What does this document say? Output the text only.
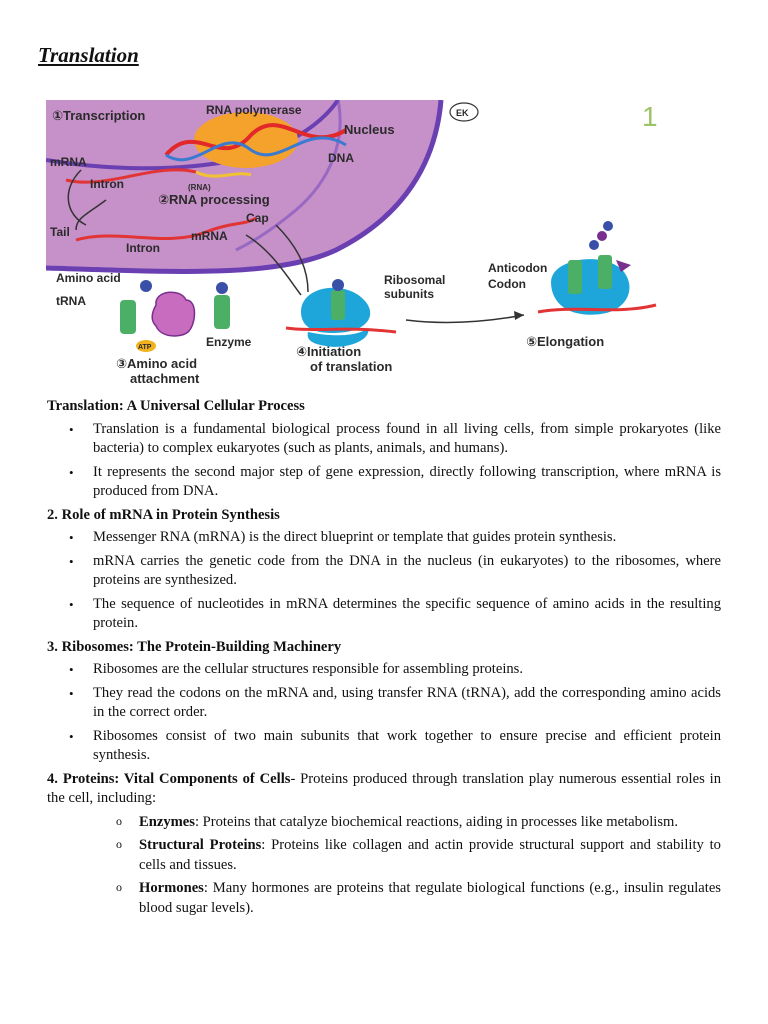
Translation
EK
①Transcription	RNA polymerase
Nucleus
DNA
mRNA
Intron	(RNA)
②RNA processing
Cap
Tail	mRNA
Intron
Amino acid
tRNA
Enzyme
ATP
③Amino acid
attachment
Ribosomal
subunits
④Initiation
of translation
Anticodon
Codon
⑤Elongation
1

Translation: A Universal Cellular Process

• Translation is a fundamental biological process found in all living cells, from simple prokaryotes (like bacteria) to complex eukaryotes (such as plants, animals, and humans).
• It represents the second major step of gene expression, directly following transcription, where mRNA is produced from DNA.

2. Role of mRNA in Protein Synthesis

• Messenger RNA (mRNA) is the direct blueprint or template that guides protein synthesis.
• mRNA carries the genetic code from the DNA in the nucleus (in eukaryotes) to the ribosomes, where proteins are synthesized.
• The sequence of nucleotides in mRNA determines the specific sequence of amino acids in the resulting protein.

3. Ribosomes: The Protein-Building Machinery

• Ribosomes are the cellular structures responsible for assembling proteins.
• They read the codons on the mRNA and, using transfer RNA (tRNA), add the corresponding amino acids in the correct order.
• Ribosomes consist of two main subunits that work together to ensure precise and efficient protein synthesis.

4. Proteins: Vital Components of Cells- Proteins produced through translation play numerous essential roles in the cell, including:

o Enzymes: Proteins that catalyze biochemical reactions, aiding in processes like metabolism.
o Structural Proteins: Proteins like collagen and actin provide structural support and stability to cells and tissues.
o Hormones: Many hormones are proteins that regulate biological functions (e.g., insulin regulates blood sugar levels).
